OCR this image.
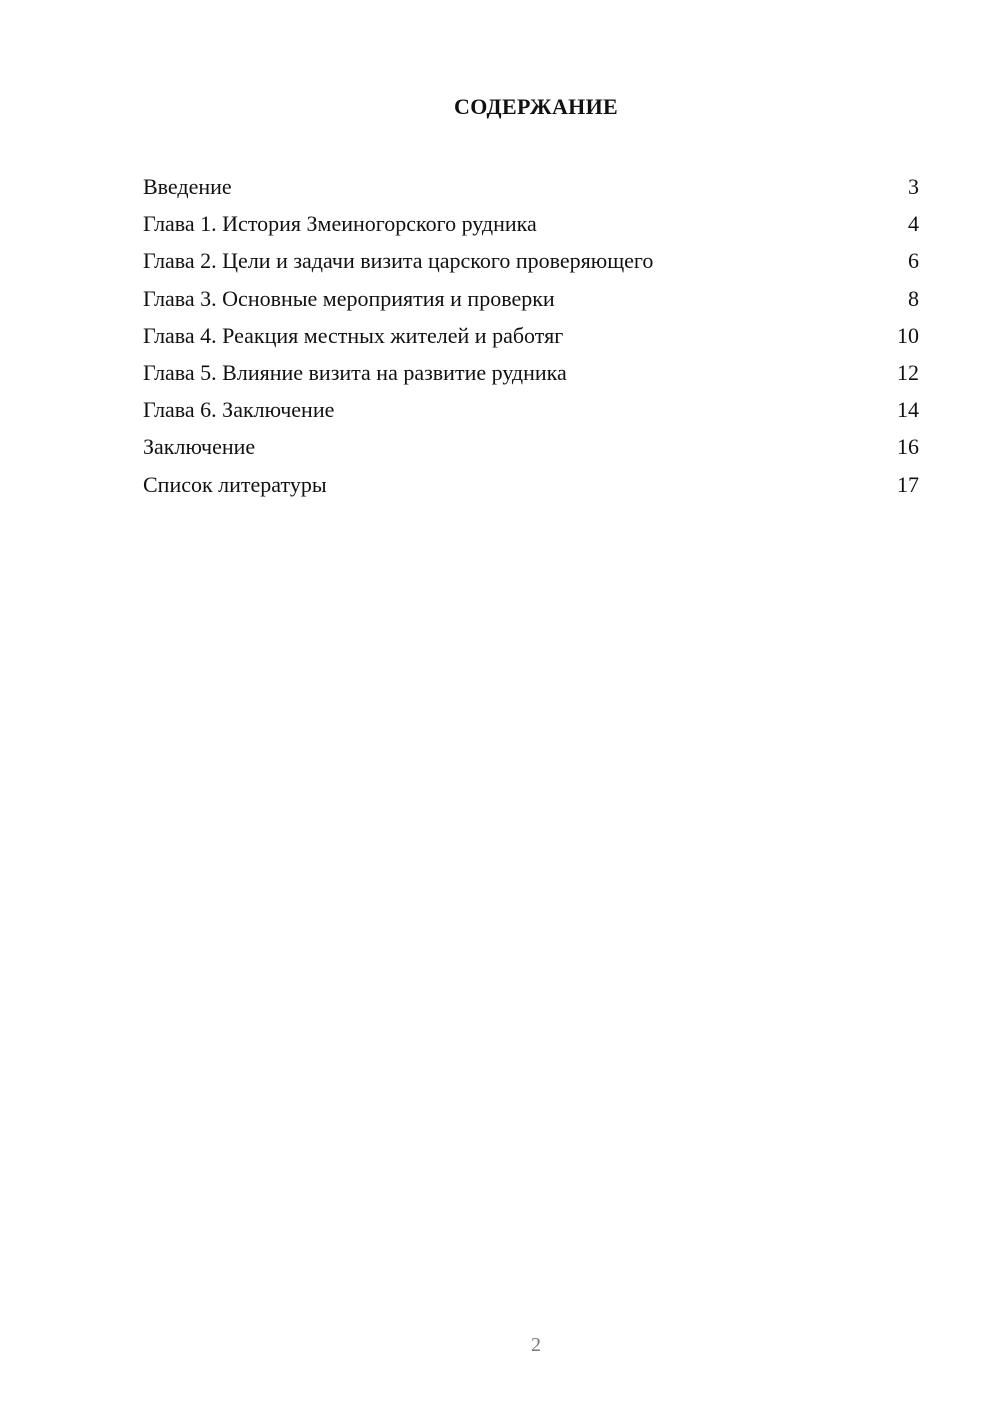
СОДЕРЖАНИЕ
Введение	3
Глава 1. История Змеиногорского рудника	4
Глава 2. Цели и задачи визита царского проверяющего	6
Глава 3. Основные мероприятия и проверки	8
Глава 4. Реакция местных жителей и работяг	10
Глава 5. Влияние визита на развитие рудника	12
Глава 6. Заключение	14
Заключение	16
Список литературы	17
2
